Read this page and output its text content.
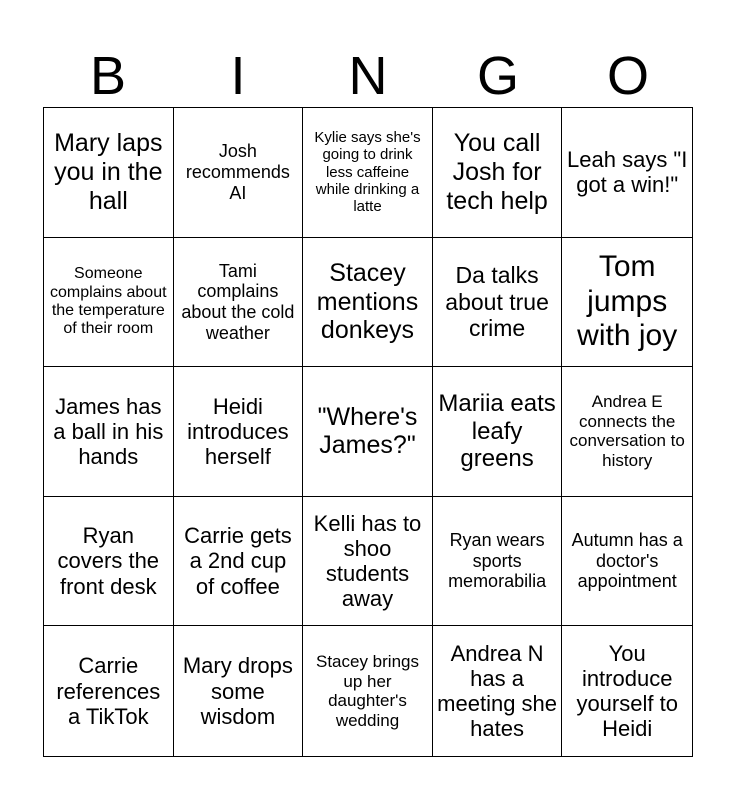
B	I	N	G	O
Mary laps you in the hall
Josh recommends AI
Kylie says she's going to drink less caffeine while drinking a latte
You call Josh for tech help
Leah says "I got a win!"
Someone complains about the temperature of their room
Tami complains about the cold weather
Stacey mentions donkeys
Da talks about true crime
Tom jumps with joy
James has a ball in his hands
Heidi introduces herself
"Where's James?"
Mariia eats leafy greens
Andrea E connects the conversation to history
Ryan covers the front desk
Carrie gets a 2nd cup of coffee
Kelli has to shoo students away
Ryan wears sports memorabilia
Autumn has a doctor's appointment
Carrie references a TikTok
Mary drops some wisdom
Stacey brings up her daughter's wedding
Andrea N has a meeting she hates
You introduce yourself to Heidi
